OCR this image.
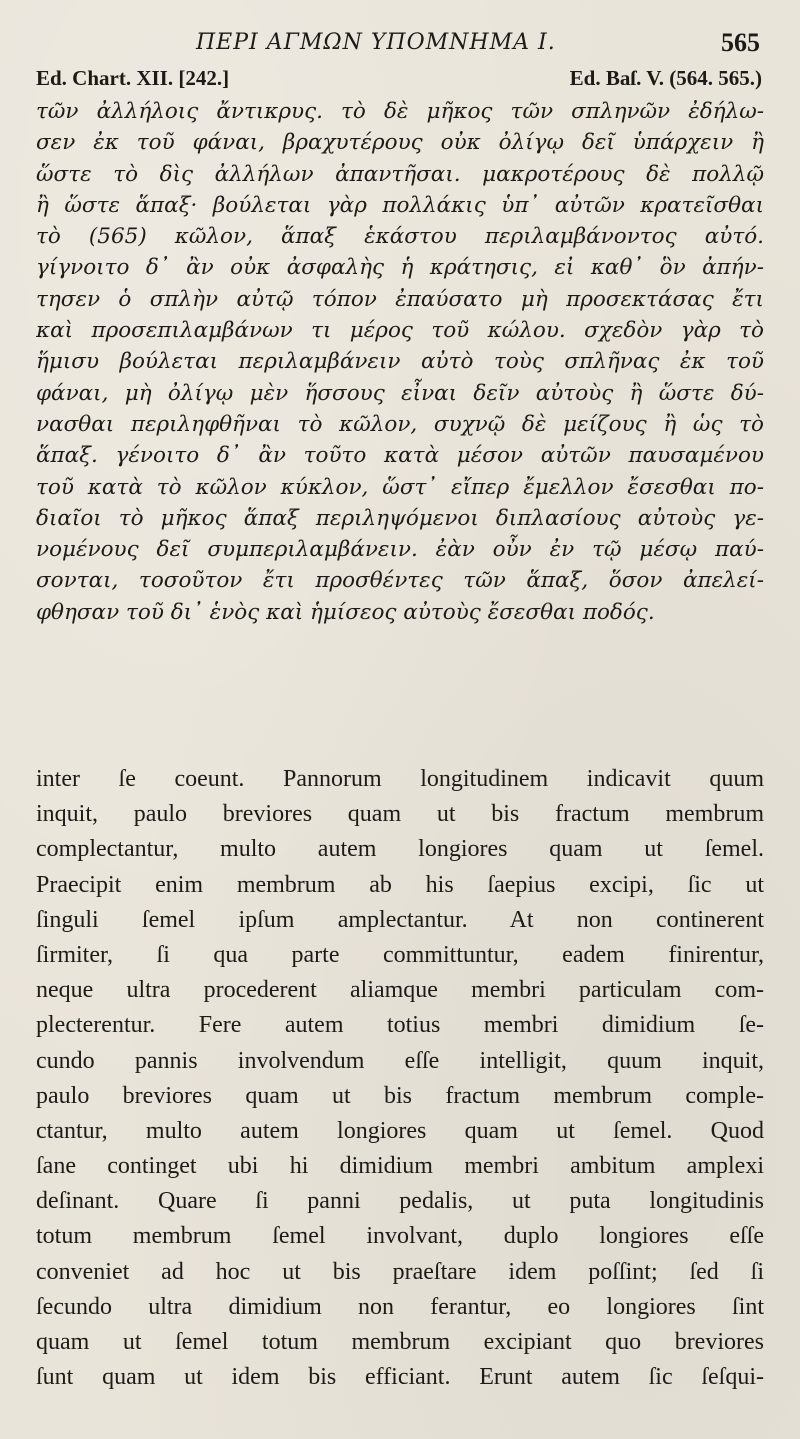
ΠΕΡΙ ΑΓΜΩΝ ΥΠΟΜΝΗΜΑ Ι.	565
Ed. Chart. XII. [242.]	Ed. Baſ. V. (564. 565.)
τῶν ἀλλήλοις ἄντικρυς. τὸ δὲ μῆκος τῶν σπληνῶν ἐδήλω-
σεν ἐκ τοῦ φάναι, βραχυτέρους οὐκ ὀλίγῳ δεῖ ὑπάρχειν ἢ
ὥστε τὸ δὶς ἀλλήλων ἀπαντῆσαι. μακροτέρους δὲ πολλῷ
ἢ ὥστε ἅπαξ· βούλεται γὰρ πολλάκις ὑπ᾽ αὐτῶν κρατεῖσθαι
τὸ (565) κῶλον, ἅπαξ ἑκάστου περιλαμβάνοντος αὐτό.
γίγνοιτο δ᾽ ἂν οὐκ ἀσφαλὴς ἡ κράτησις, εἰ καθ᾽ ὃν ἀπήν-
τησεν ὁ σπλὴν αὐτῷ τόπον ἐπαύσατο μὴ προσεκτάσας ἔτι
καὶ προσεπιλαμβάνων τι μέρος τοῦ κώλου. σχεδὸν γὰρ τὸ
ἥμισυ βούλεται περιλαμβάνειν αὐτὸ τοὺς σπλῆνας ἐκ τοῦ
φάναι, μὴ ὀλίγῳ μὲν ἥσσους εἶναι δεῖν αὐτοὺς ἢ ὥστε δύ-
νασθαι περιληφθῆναι τὸ κῶλον, συχνῷ δὲ μείζους ἢ ὡς τὸ
ἅπαξ. γένοιτο δ᾽ ἂν τοῦτο κατὰ μέσον αὐτῶν παυσαμένου
τοῦ κατὰ τὸ κῶλον κύκλον, ὥστ᾽ εἴπερ ἔμελλον ἔσεσθαι πο-
διαῖοι τὸ μῆκος ἅπαξ περιληψόμενοι διπλασίους αὐτοὺς γε-
νομένους δεῖ συμπεριλαμβάνειν. ἐὰν οὖν ἐν τῷ μέσῳ παύ-
σονται, τοσοῦτον ἔτι προσθέντες τῶν ἅπαξ, ὅσον ἀπελεί-
φθησαν τοῦ δι᾽ ἑνὸς καὶ ἡμίσεος αὐτοὺς ἔσεσθαι ποδός.
inter ſe coeunt. Pannorum longitudinem indicavit quum
inquit, paulo breviores quam ut bis fractum membrum
complectantur, multo autem longiores quam ut ſemel.
Praecipit enim membrum ab his ſaepius excipi, ſic ut
ſinguli ſemel ipſum amplectantur. At non continerent
ſirmiter, ſi qua parte committuntur, eadem finirentur,
neque ultra procederent aliamque membri particulam com-
plecterentur. Fere autem totius membri dimidium ſe-
cundo pannis involvendum eſſe intelligit, quum inquit,
paulo breviores quam ut bis fractum membrum comple-
ctantur, multo autem longiores quam ut ſemel. Quod
ſane continget ubi hi dimidium membri ambitum amplexi
deſinant. Quare ſi panni pedalis, ut puta longitudinis
totum membrum ſemel involvant, duplo longiores eſſe
conveniet ad hoc ut bis praeſtare idem poſſint; ſed ſi
ſecundo ultra dimidium non ferantur, eo longiores ſint
quam ut ſemel totum membrum excipiant quo breviores
ſunt quam ut idem bis efficiant. Erunt autem ſic ſeſqui-
